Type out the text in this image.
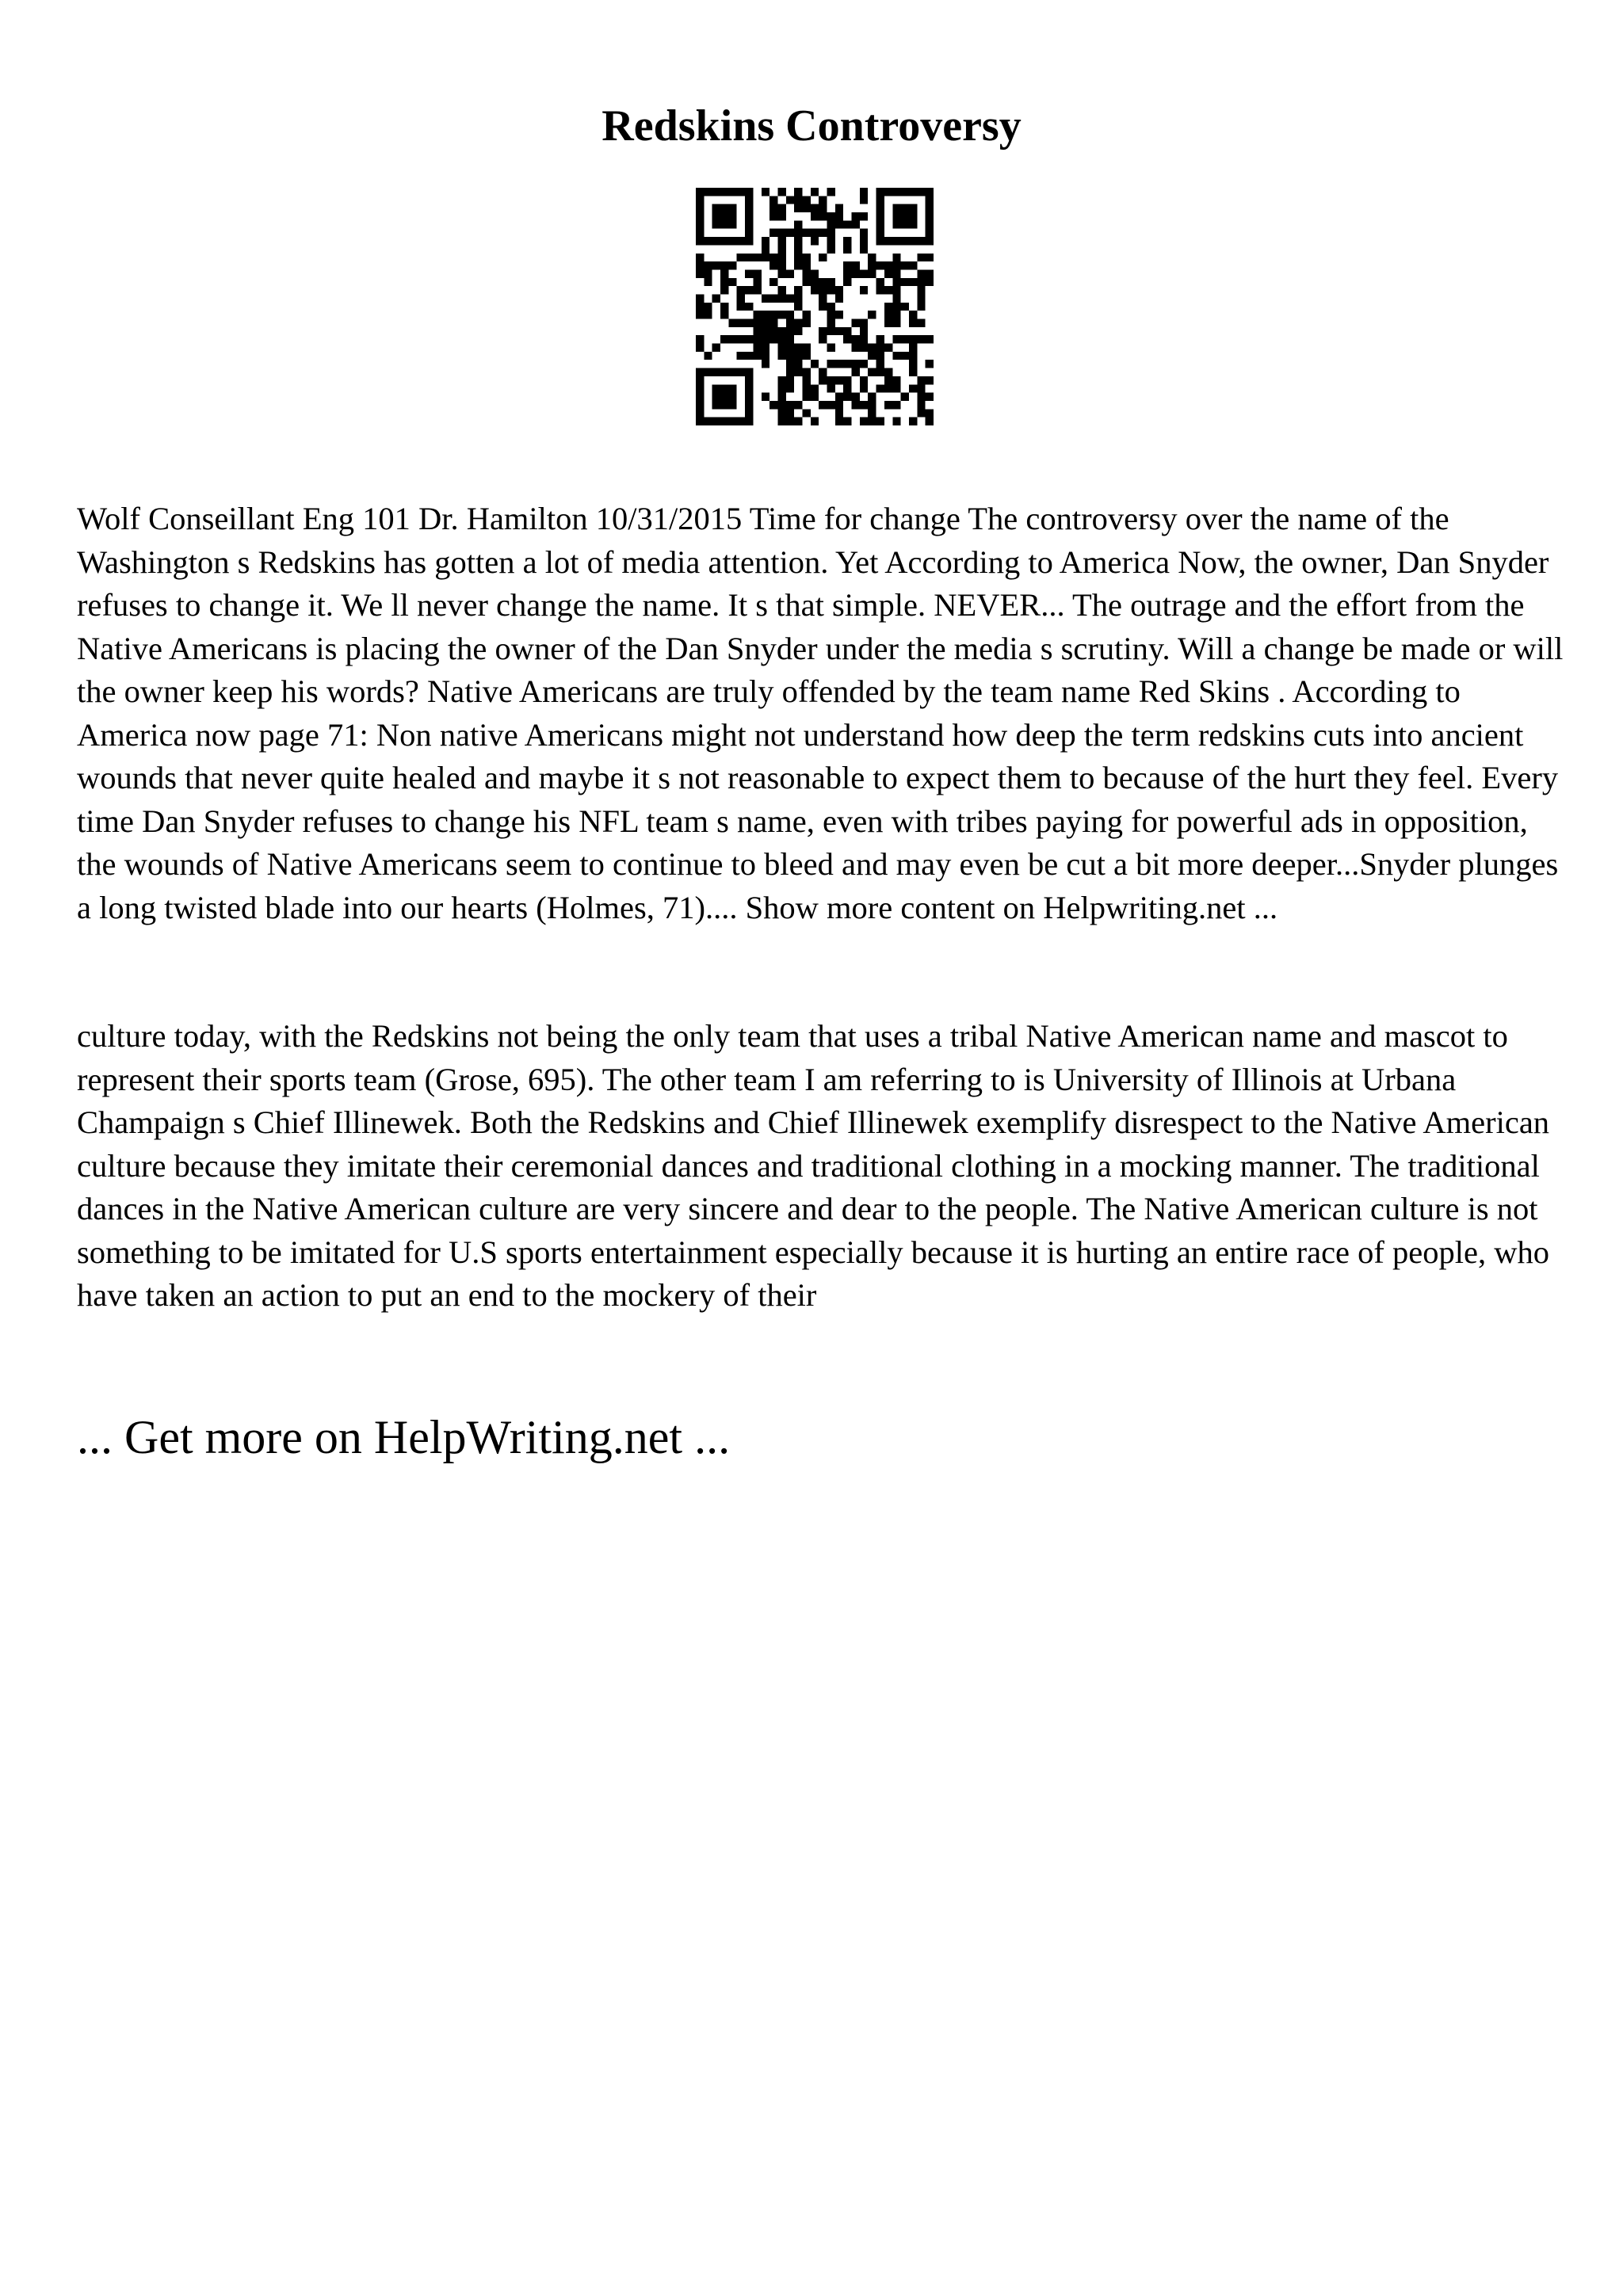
Redskins Controversy

Wolf Conseillant Eng 101 Dr. Hamilton 10/31/2015 Time for change The controversy over the name of the Washington s Redskins has gotten a lot of media attention. Yet According to America Now, the owner, Dan Snyder refuses to change it. We ll never change the name. It s that simple. NEVER... The outrage and the effort from the Native Americans is placing the owner of the Dan Snyder under the media s scrutiny. Will a change be made or will the owner keep his words? Native Americans are truly offended by the team name Red Skins . According to America now page 71: Non native Americans might not understand how deep the term redskins cuts into ancient wounds that never quite healed and maybe it s not reasonable to expect them to because of the hurt they feel. Every time Dan Snyder refuses to change his NFL team s name, even with tribes paying for powerful ads in opposition, the wounds of Native Americans seem to continue to bleed and may even be cut a bit more deeper...Snyder plunges a long twisted blade into our hearts (Holmes, 71).... Show more content on Helpwriting.net ...

culture today, with the Redskins not being the only team that uses a tribal Native American name and mascot to represent their sports team (Grose, 695). The other team I am referring to is University of Illinois at Urbana Champaign s Chief Illinewek. Both the Redskins and Chief Illinewek exemplify disrespect to the Native American culture because they imitate their ceremonial dances and traditional clothing in a mocking manner. The traditional dances in the Native American culture are very sincere and dear to the people. The Native American culture is not something to be imitated for U.S sports entertainment especially because it is hurting an entire race of people, who have taken an action to put an end to the mockery of their

... Get more on HelpWriting.net ...
